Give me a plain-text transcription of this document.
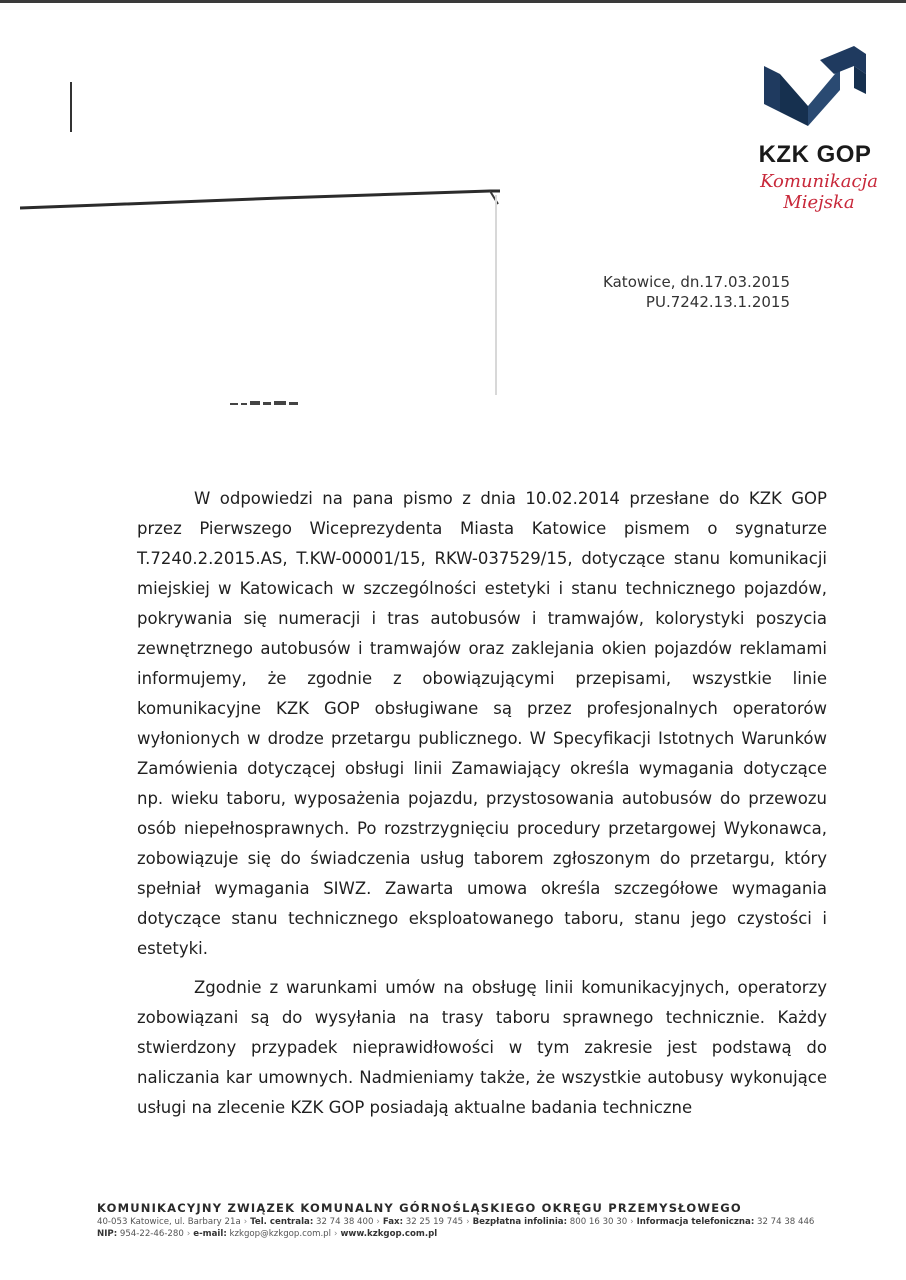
KZK GOP
Komunikacja Miejska
Katowice, dn.17.03.2015
PU.7242.13.1.2015

W odpowiedzi na pana pismo z dnia 10.02.2014 przesłane do KZK GOP przez Pierwszego Wiceprezydenta Miasta Katowice pismem o sygnaturze T.7240.2.2015.AS, T.KW-00001/15, RKW-037529/15, dotyczące stanu komunikacji miejskiej w Katowicach w szczególności estetyki i stanu technicznego pojazdów, pokrywania się numeracji i tras autobusów i tramwajów, kolorystyki poszycia zewnętrznego autobusów i tramwajów oraz zaklejania okien pojazdów reklamami informujemy, że zgodnie z obowiązującymi przepisami, wszystkie linie komunikacyjne KZK GOP obsługiwane są przez profesjonalnych operatorów wyłonionych w drodze przetargu publicznego. W Specyfikacji Istotnych Warunków Zamówienia dotyczącej obsługi linii Zamawiający określa wymagania dotyczące np. wieku taboru, wyposażenia pojazdu, przystosowania autobusów do przewozu osób niepełnosprawnych. Po rozstrzygnięciu procedury przetargowej Wykonawca, zobowiązuje się do świadczenia usług taborem zgłoszonym do przetargu, który spełniał wymagania SIWZ. Zawarta umowa określa szczegółowe wymagania dotyczące stanu technicznego eksploatowanego taboru, stanu jego czystości i estetyki.

Zgodnie z warunkami umów na obsługę linii komunikacyjnych, operatorzy zobowiązani są do wysyłania na trasy taboru sprawnego technicznie. Każdy stwierdzony przypadek nieprawidłowości w tym zakresie jest podstawą do naliczania kar umownych. Nadmieniamy także, że wszystkie autobusy wykonujące usługi na zlecenie KZK GOP posiadają aktualne badania techniczne

KOMUNIKACYJNY ZWIĄZEK KOMUNALNY GÓRNOŚLĄSKIEGO OKRĘGU PRZEMYSŁOWEGO
40-053 Katowice, ul. Barbary 21a › Tel. centrala: 32 74 38 400 › Fax: 32 25 19 745 › Bezpłatna infolinia: 800 16 30 30 › Informacja telefoniczna: 32 74 38 446
NIP: 954-22-46-280 › e-mail: kzkgop@kzkgop.com.pl › www.kzkgop.com.pl
